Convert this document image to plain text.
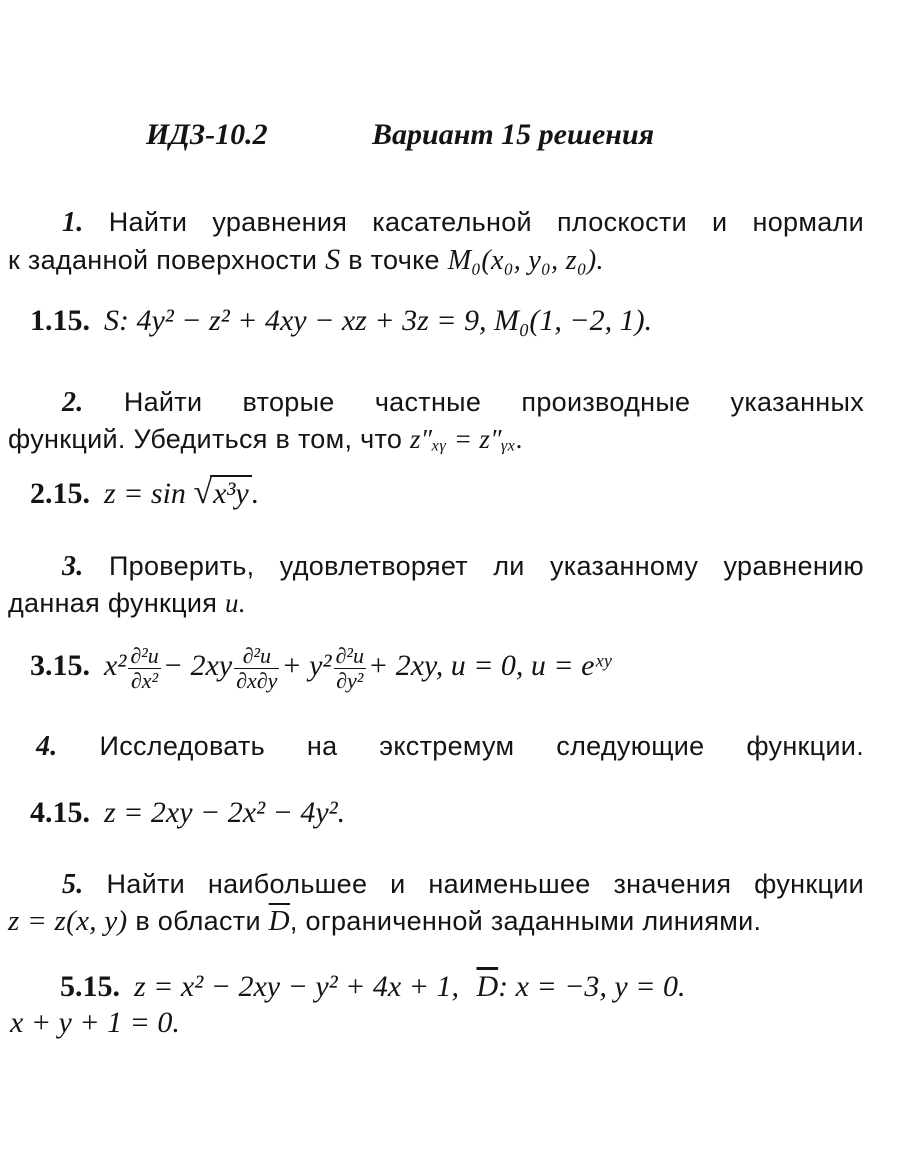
ИДЗ-10.2	Вариант 15 решения
1. Найти уравнения касательной плоскости и нормали
к заданной поверхности S в точке M₀(x₀, y₀, z₀).
1.15. S: 4y² − z² + 4xy − xz + 3z = 9, M₀(1, −2, 1).
2. Найти вторые частные производные указанных
функций. Убедиться в том, что z″ₓᵧ = z″ᵧₓ.
2.15. z = sin √x³y .
3. Проверить, удовлетворяет ли указанному уравнению
данная функция u.
3.15. $x^2 \frac{\text{∂²u}}{\text{∂x²}} - 2xy \frac{\text{∂²u}}{\partial x\partial y} + y^2 \frac{\text{∂²u}}{\text{∂y²}} + 2xy$, u = 0, u = eˣʸ
4. Исследовать на экстремум следующие функции.
4.15. z = 2xy − 2x² − 4y².
5. Найти наибольшее и наименьшее значения функции
z = z(x, y) в области $\overline{D}$, ограниченной заданными линиями.
5.15. z = x² − 2xy − y² + 4x + 1, $\overline{D}$: x = −3, y = 0.
x + y + 1 = 0.
